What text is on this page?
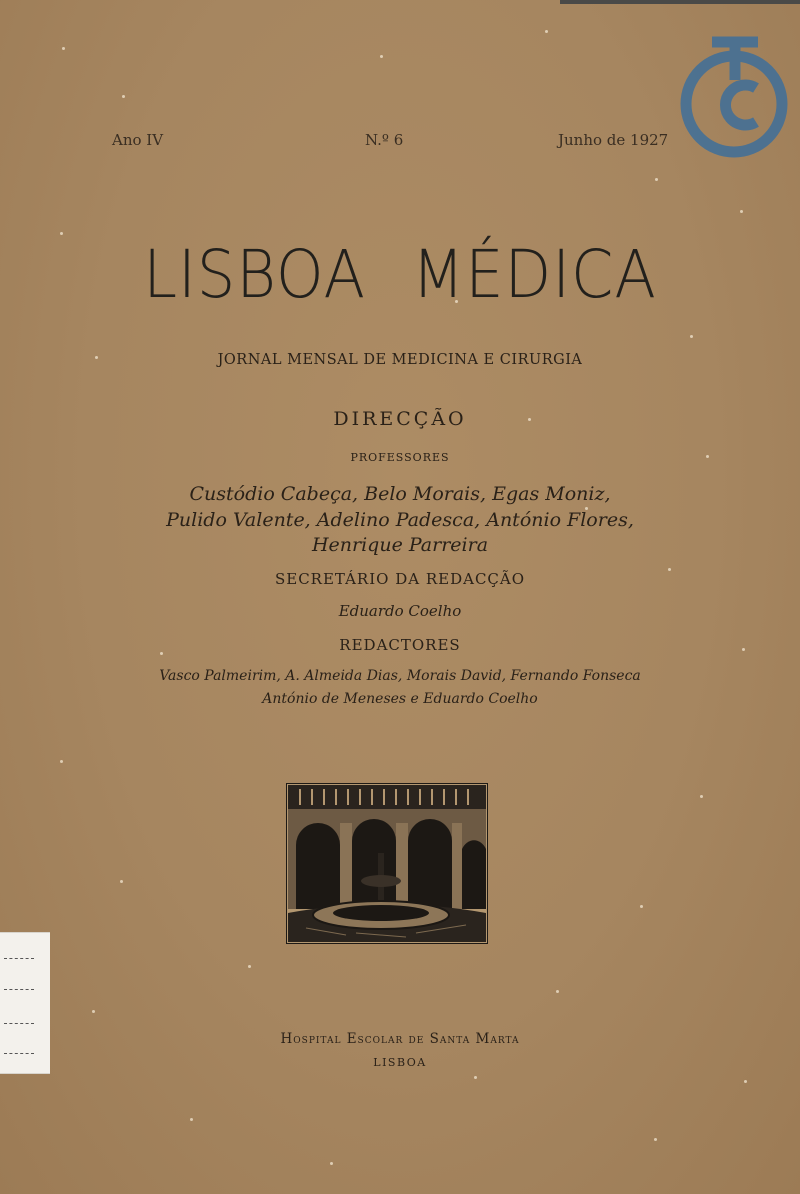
TC
Ano IV	N.º 6	Junho de 1927
LISBOA MÉDICA
JORNAL MENSAL DE MEDICINA E CIRURGIA
DIRECÇÃO
PROFESSORES
Custódio Cabeça, Belo Morais, Egas Moniz,
Pulido Valente, Adelino Padesca, António Flores,
Henrique Parreira
SECRETÁRIO DA REDACÇÃO
Eduardo Coelho
REDACTORES
Vasco Palmeirim, A. Almeida Dias, Morais David, Fernando Fonseca
António de Meneses e Eduardo Coelho
Hospital Escolar de Santa Marta
LISBOA
